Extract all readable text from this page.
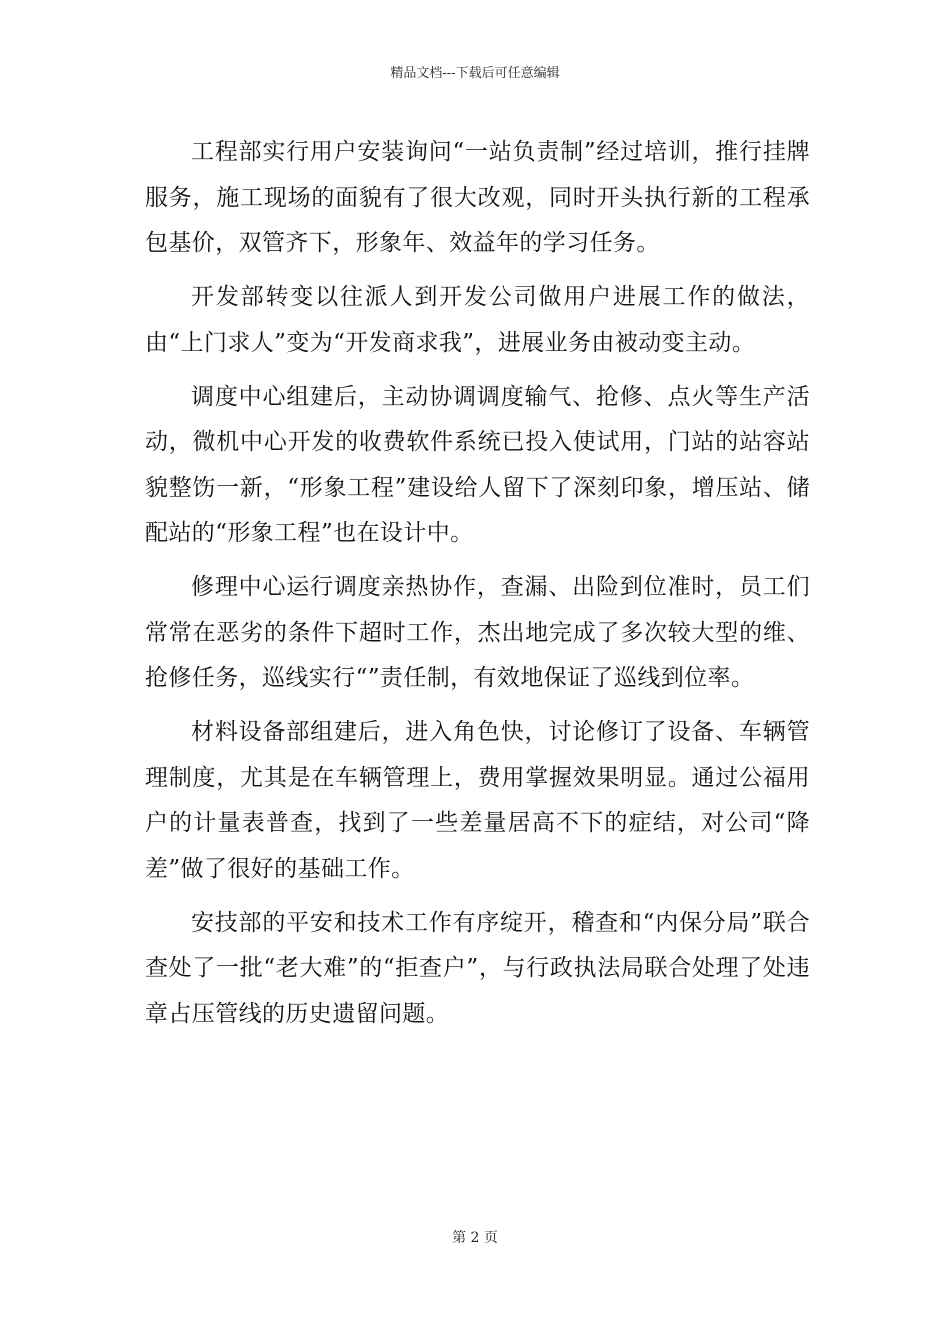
精品文档---下载后可任意编辑

工程部实行用户安装询问“一站负责制”经过培训，推行挂牌服务，施工现场的面貌有了很大改观，同时开头执行新的工程承包基价，双管齐下，形象年、效益年的学习任务。

开发部转变以往派人到开发公司做用户进展工作的做法，由“上门求人”变为“开发商求我”，进展业务由被动变主动。

调度中心组建后，主动协调调度输气、抢修、点火等生产活动，微机中心开发的收费软件系统已投入使试用，门站的站容站貌整饬一新，“形象工程”建设给人留下了深刻印象，增压站、储配站的“形象工程”也在设计中。

修理中心运行调度亲热协作，查漏、出险到位准时，员工们常常在恶劣的条件下超时工作，杰出地完成了多次较大型的维、抢修任务，巡线实行“”责任制，有效地保证了巡线到位率。

材料设备部组建后，进入角色快，讨论修订了设备、车辆管理制度，尤其是在车辆管理上，费用掌握效果明显。通过公福用户的计量表普查，找到了一些差量居高不下的症结，对公司“降差”做了很好的基础工作。

安技部的平安和技术工作有序绽开，稽查和“内保分局”联合查处了一批“老大难”的“拒查户”，与行政执法局联合处理了处违章占压管线的历史遗留问题。

第 2 页
